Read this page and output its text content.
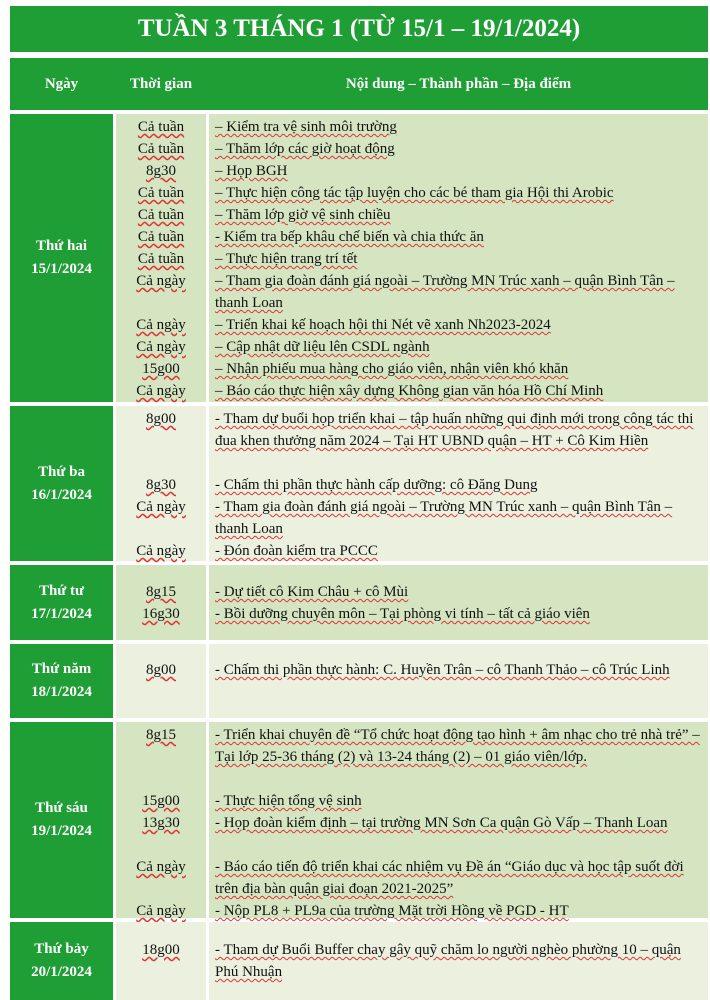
TUẦN 3 THÁNG 1 (TỪ 15/1 – 19/1/2024)
Ngày	Thời gian	Nội dung – Thành phần – Địa điểm
Thứ hai
15/1/2024
Cả tuần	– Kiểm tra vệ sinh môi trường
Cả tuần	– Thăm lớp các giờ hoạt động
8g30	– Họp BGH
Cả tuần	– Thực hiện công tác tập luyện cho các bé tham gia Hội thi Arobic
Cả tuần	– Thăm lớp giờ vệ sinh chiều
Cả tuần	- Kiểm tra bếp khâu chế biến và chia thức ăn
Cả tuần	– Thực hiện trang trí tết
Cả ngày	– Tham gia đoàn đánh giá ngoài – Trường MN Trúc xanh – quận Bình Tân – thanh Loan
Cả ngày	– Triển khai kế hoạch hội thi Nét vẽ xanh Nh2023-2024
Cả ngày	– Cập nhật dữ liệu lên CSDL ngành
15g00	– Nhận phiếu mua hàng cho giáo viên, nhận viên khó khăn
Cả ngày	– Báo cáo thực hiện xây dựng Không gian văn hóa Hồ Chí Minh
Thứ ba
16/1/2024
8g00	- Tham dự buổi họp triển khai – tập huấn những qui định mới trong công tác thi đua khen thưởng năm 2024 – Tại HT UBND quận – HT + Cô Kim Hiền
8g30	- Chấm thi phần thực hành cấp dưỡng: cô Đăng Dung
Cả ngày	- Tham gia đoàn đánh giá ngoài – Trường MN Trúc xanh – quận Bình Tân – thanh Loan
Cả ngày	- Đón đoàn kiểm tra PCCC
Thứ tư
17/1/2024
8g15	- Dự tiết cô Kim Châu + cô Mùi
16g30	- Bồi dưỡng chuyên môn – Tại phòng vi tính – tất cả giáo viên
Thứ năm
18/1/2024
8g00	- Chấm thi phần thực hành: C. Huyền Trân – cô Thanh Thảo – cô Trúc Linh
Thứ sáu
19/1/2024
8g15	- Triển khai chuyên đề “Tổ chức hoạt động tạo hình + âm nhạc cho trẻ nhà trẻ” – Tại lớp 25-36 tháng (2) và 13-24 tháng (2) – 01 giáo viên/lớp.
15g00	- Thực hiện tổng vệ sinh
13g30	- Họp đoàn kiểm định – tại trường MN Sơn Ca quận Gò Vấp – Thanh Loan
Cả ngày	- Báo cáo tiến độ triển khai các nhiệm vụ Đề án “Giáo dục và học tập suốt đời trên địa bàn quận giai đoạn 2021-2025”
Cả ngày	- Nộp PL8 + PL9a của trường Mặt trời Hồng về PGD - HT
Thứ bảy
20/1/2024
18g00	- Tham dự Buổi Buffer chay gây quỹ chăm lo người nghèo phường 10 – quận Phú Nhuận
